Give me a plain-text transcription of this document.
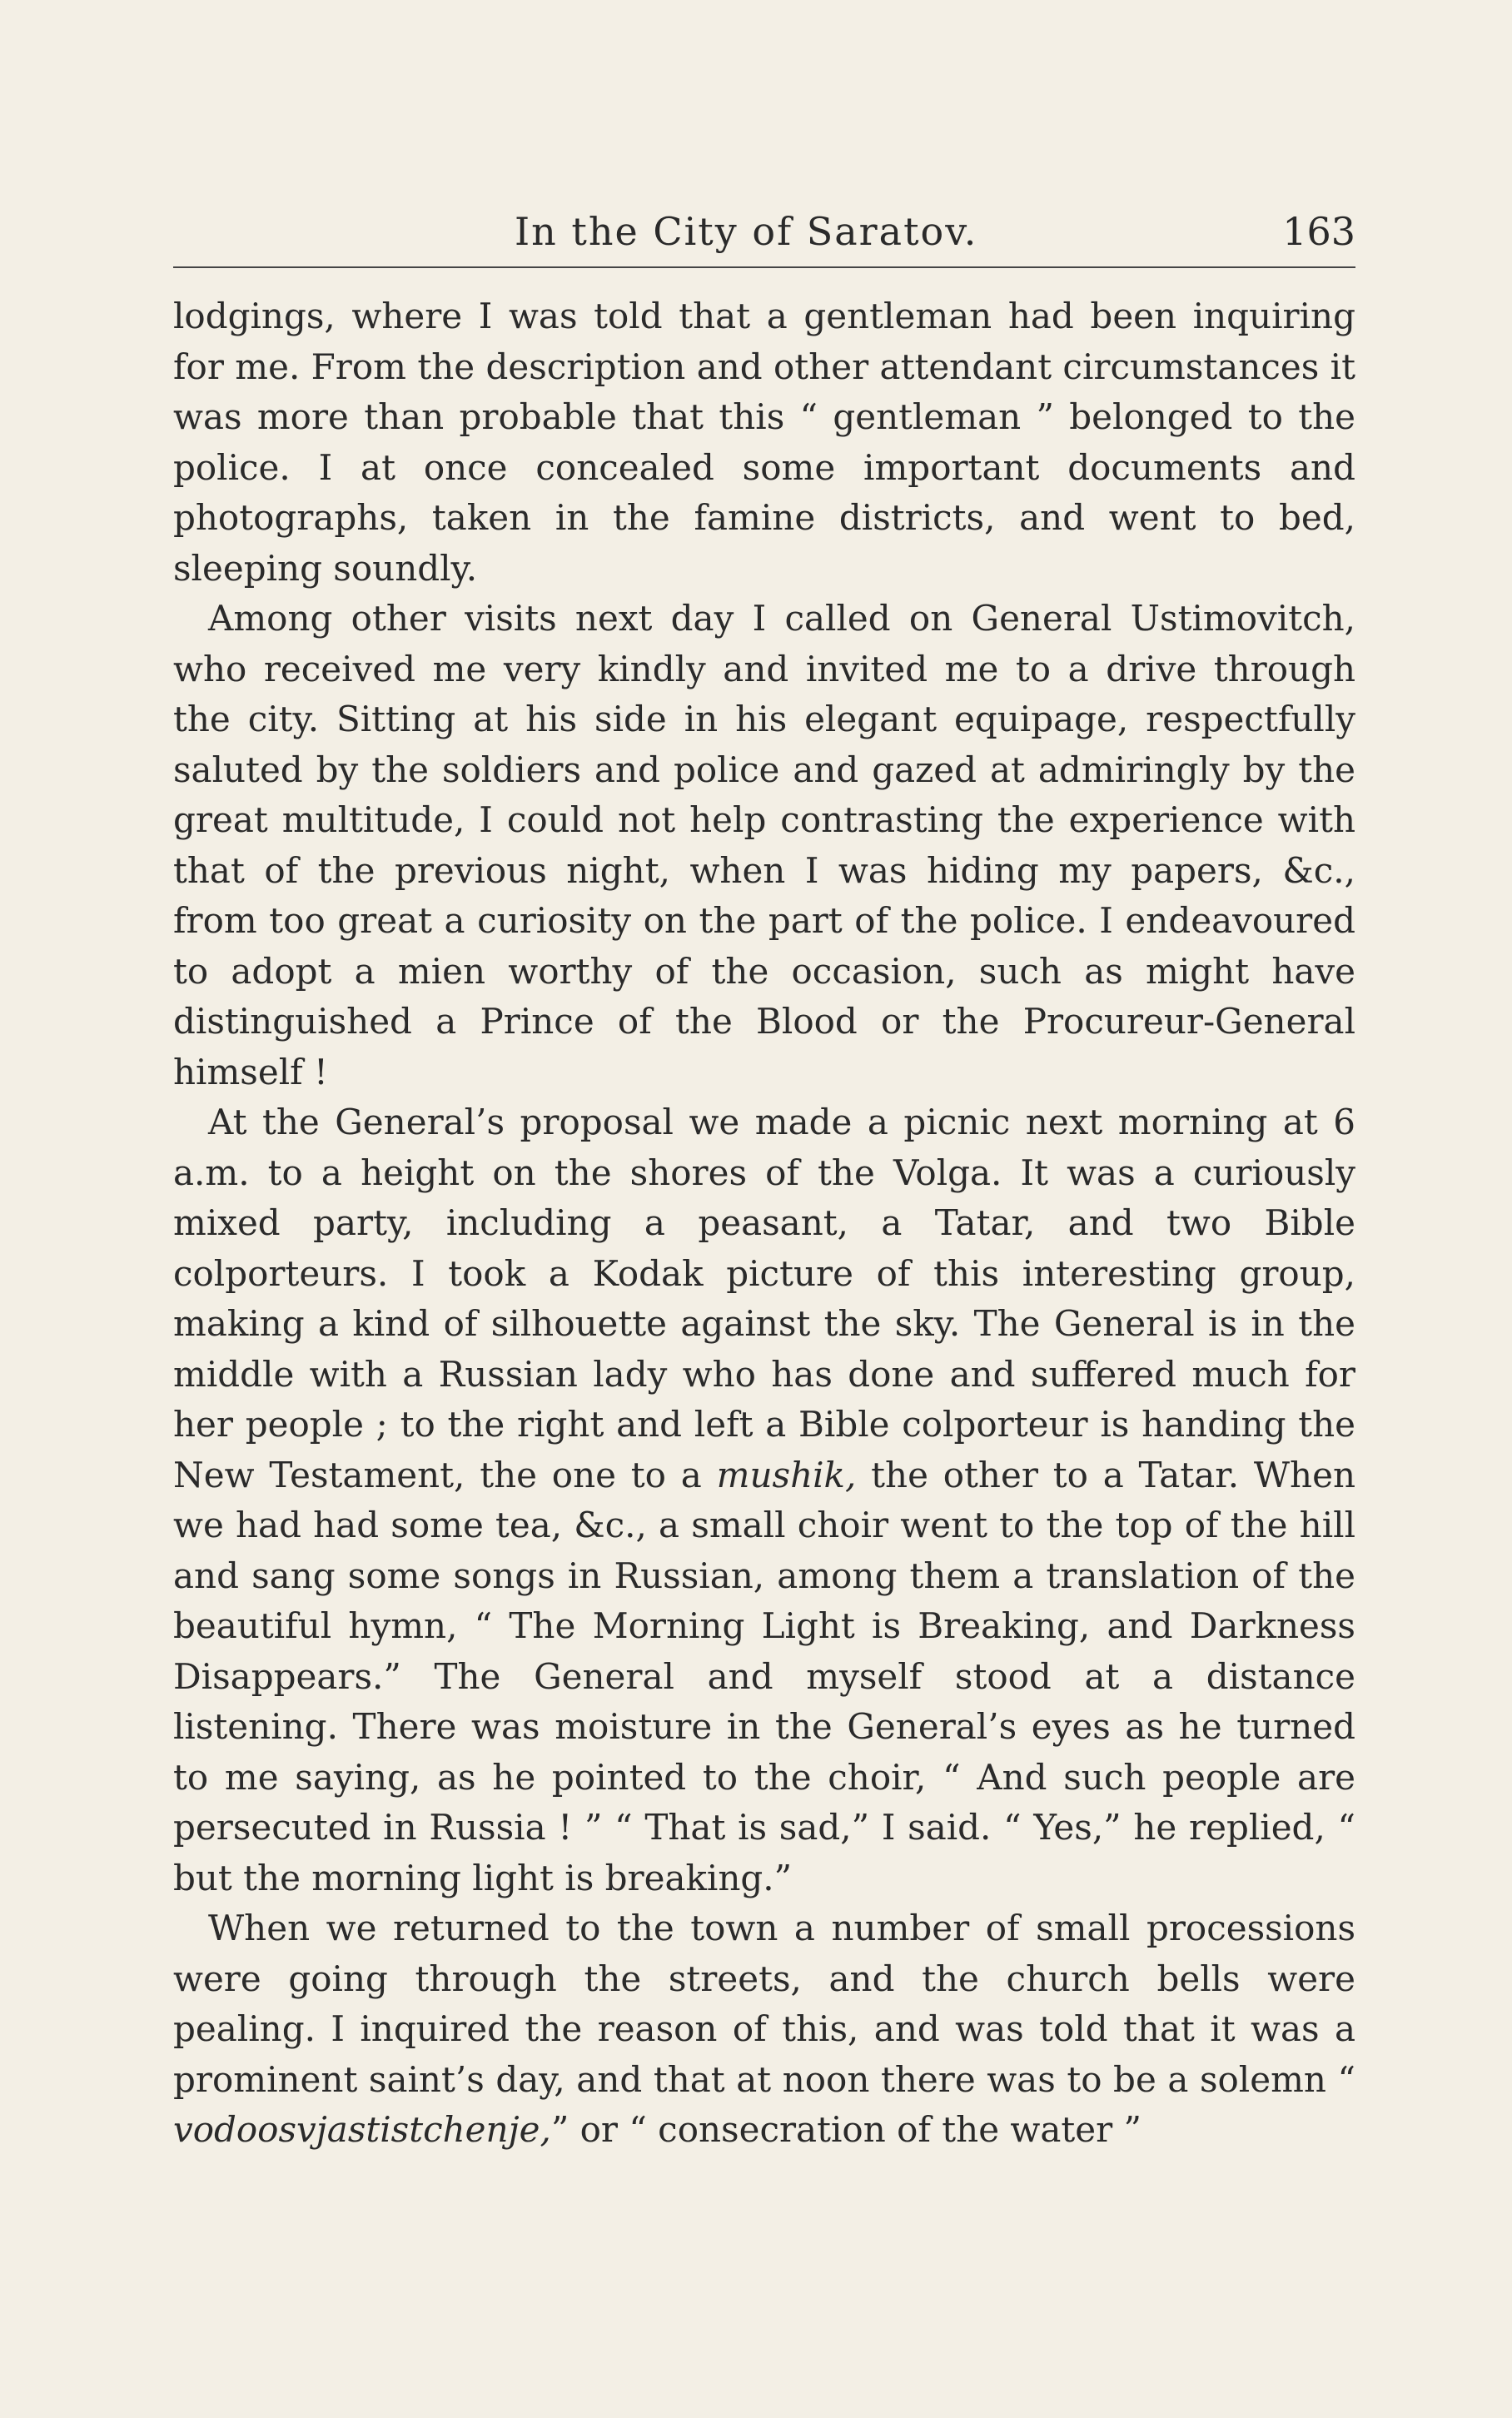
In the City of Saratov.	163

lodgings, where I was told that a gentleman had been inquiring for me. From the description and other attendant circumstances it was more than probable that this “ gentleman ” belonged to the police. I at once concealed some important documents and photographs, taken in the famine districts, and went to bed, sleeping soundly.

Among other visits next day I called on General Ustimovitch, who received me very kindly and invited me to a drive through the city. Sitting at his side in his elegant equipage, respectfully saluted by the soldiers and police and gazed at admiringly by the great multitude, I could not help contrasting the experience with that of the previous night, when I was hiding my papers, &c., from too great a curiosity on the part of the police. I endeavoured to adopt a mien worthy of the occasion, such as might have distinguished a Prince of the Blood or the Procureur-General himself !

At the General’s proposal we made a picnic next morning at 6 a.m. to a height on the shores of the Volga. It was a curiously mixed party, including a peasant, a Tatar, and two Bible colporteurs. I took a Kodak picture of this interesting group, making a kind of silhouette against the sky. The General is in the middle with a Russian lady who has done and suffered much for her people ; to the right and left a Bible colporteur is handing the New Testament, the one to a mushik, the other to a Tatar. When we had had some tea, &c., a small choir went to the top of the hill and sang some songs in Russian, among them a translation of the beautiful hymn, “ The Morning Light is Breaking, and Darkness Disappears.” The General and myself stood at a distance listening. There was moisture in the General’s eyes as he turned to me saying, as he pointed to the choir, “ And such people are persecuted in Russia ! ” “ That is sad,” I said. “ Yes,” he replied, “ but the morning light is breaking.”

When we returned to the town a number of small processions were going through the streets, and the church bells were pealing. I inquired the reason of this, and was told that it was a prominent saint’s day, and that at noon there was to be a solemn “ vodoosvjastistchenje,” or “ consecration of the water ”
